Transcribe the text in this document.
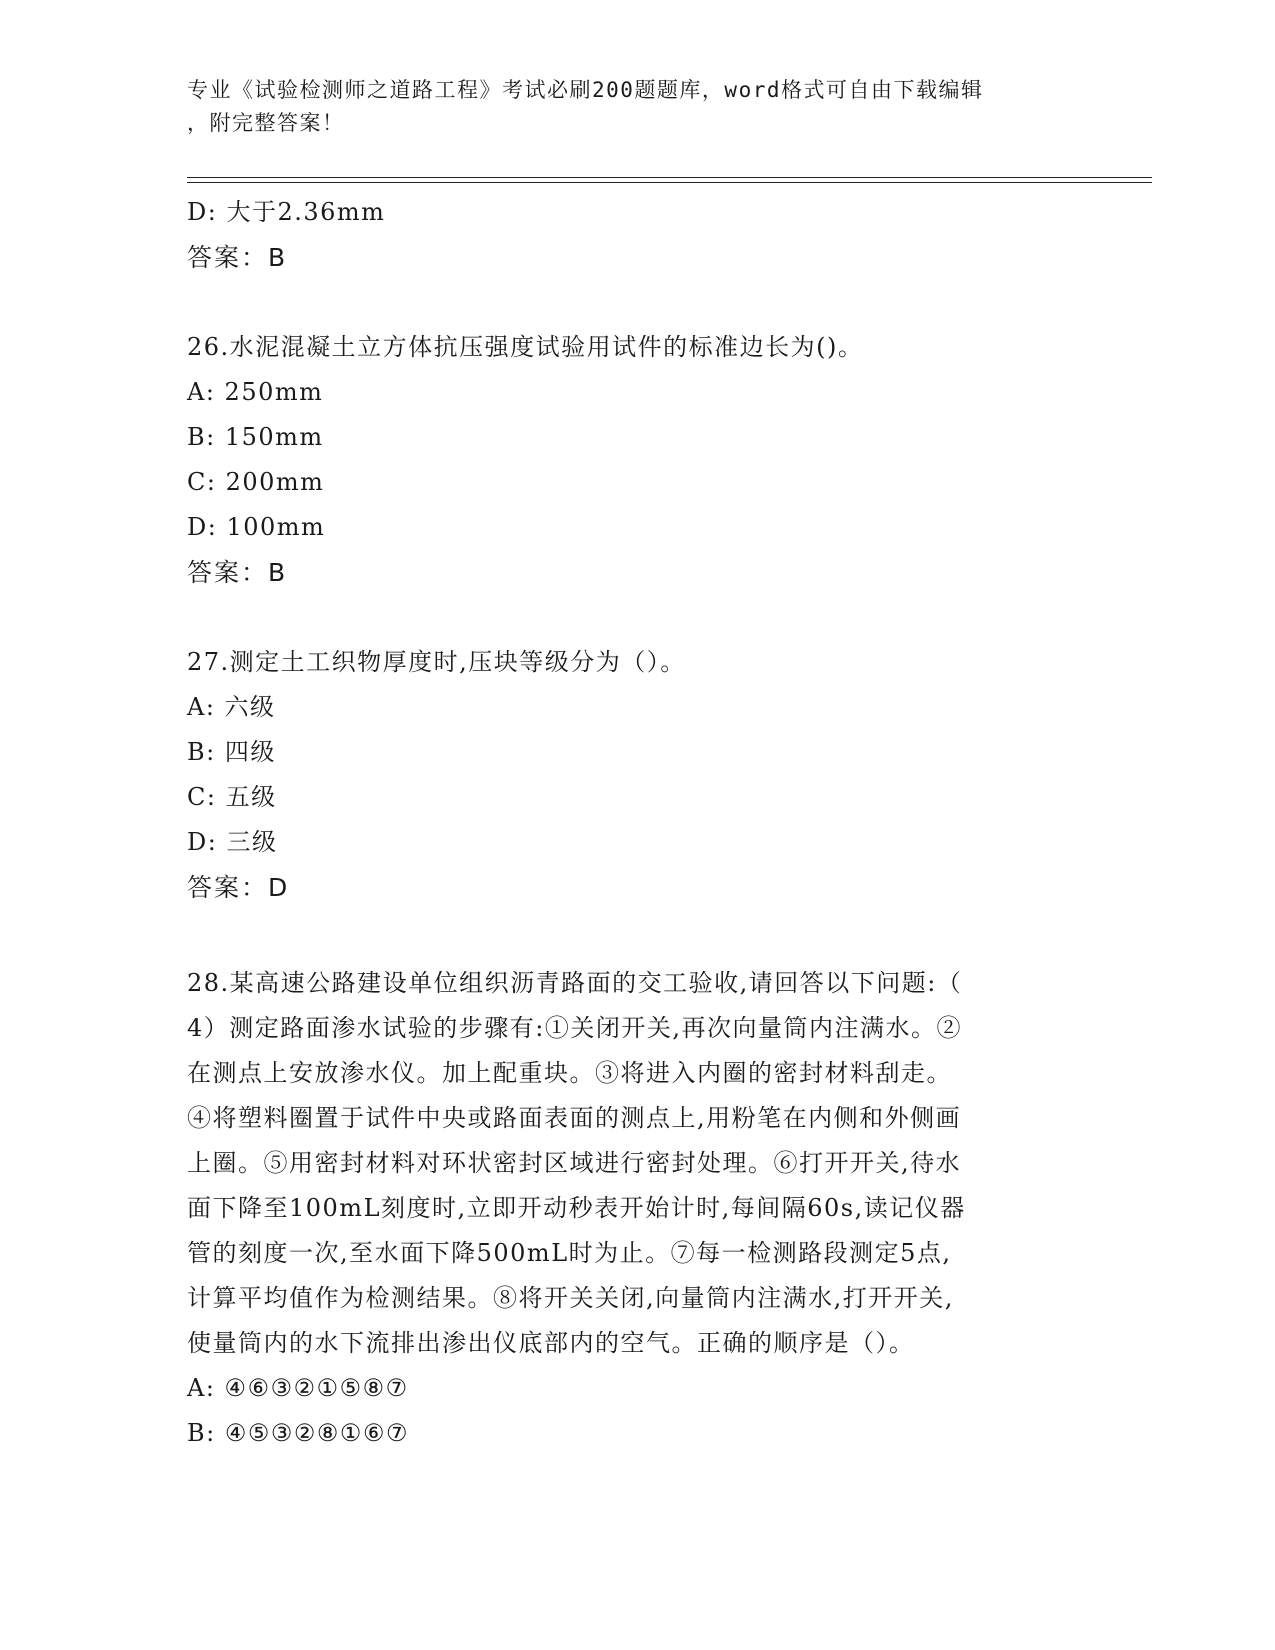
专业《试验检测师之道路工程》考试必刷200题题库，word格式可自由下载编辑
，附完整答案！
D: 大于2.36mm
答案：B
26.水泥混凝土立方体抗压强度试验用试件的标准边长为()。
A: 250mm
B: 150mm
C: 200mm
D: 100mm
答案：B
27.测定土工织物厚度时,压块等级分为（）。
A: 六级
B: 四级
C: 五级
D: 三级
答案：D
28.某高速公路建设单位组织沥青路面的交工验收,请回答以下问题:（
4）测定路面渗水试验的步骤有:①关闭开关,再次向量筒内注满水。②
在测点上安放渗水仪。加上配重块。③将进入内圈的密封材料刮走。
④将塑料圈置于试件中央或路面表面的测点上,用粉笔在内侧和外侧画
上圈。⑤用密封材料对环状密封区域进行密封处理。⑥打开开关,待水
面下降至100mL刻度时,立即开动秒表开始计时,每间隔60s,读记仪器
管的刻度一次,至水面下降500mL时为止。⑦每一检测路段测定5点,
计算平均值作为检测结果。⑧将开关关闭,向量筒内注满水,打开开关,
使量筒内的水下流排出渗出仪底部内的空气。正确的顺序是（）。
A: ④⑥③②①⑤⑧⑦
B: ④⑤③②⑧①⑥⑦
